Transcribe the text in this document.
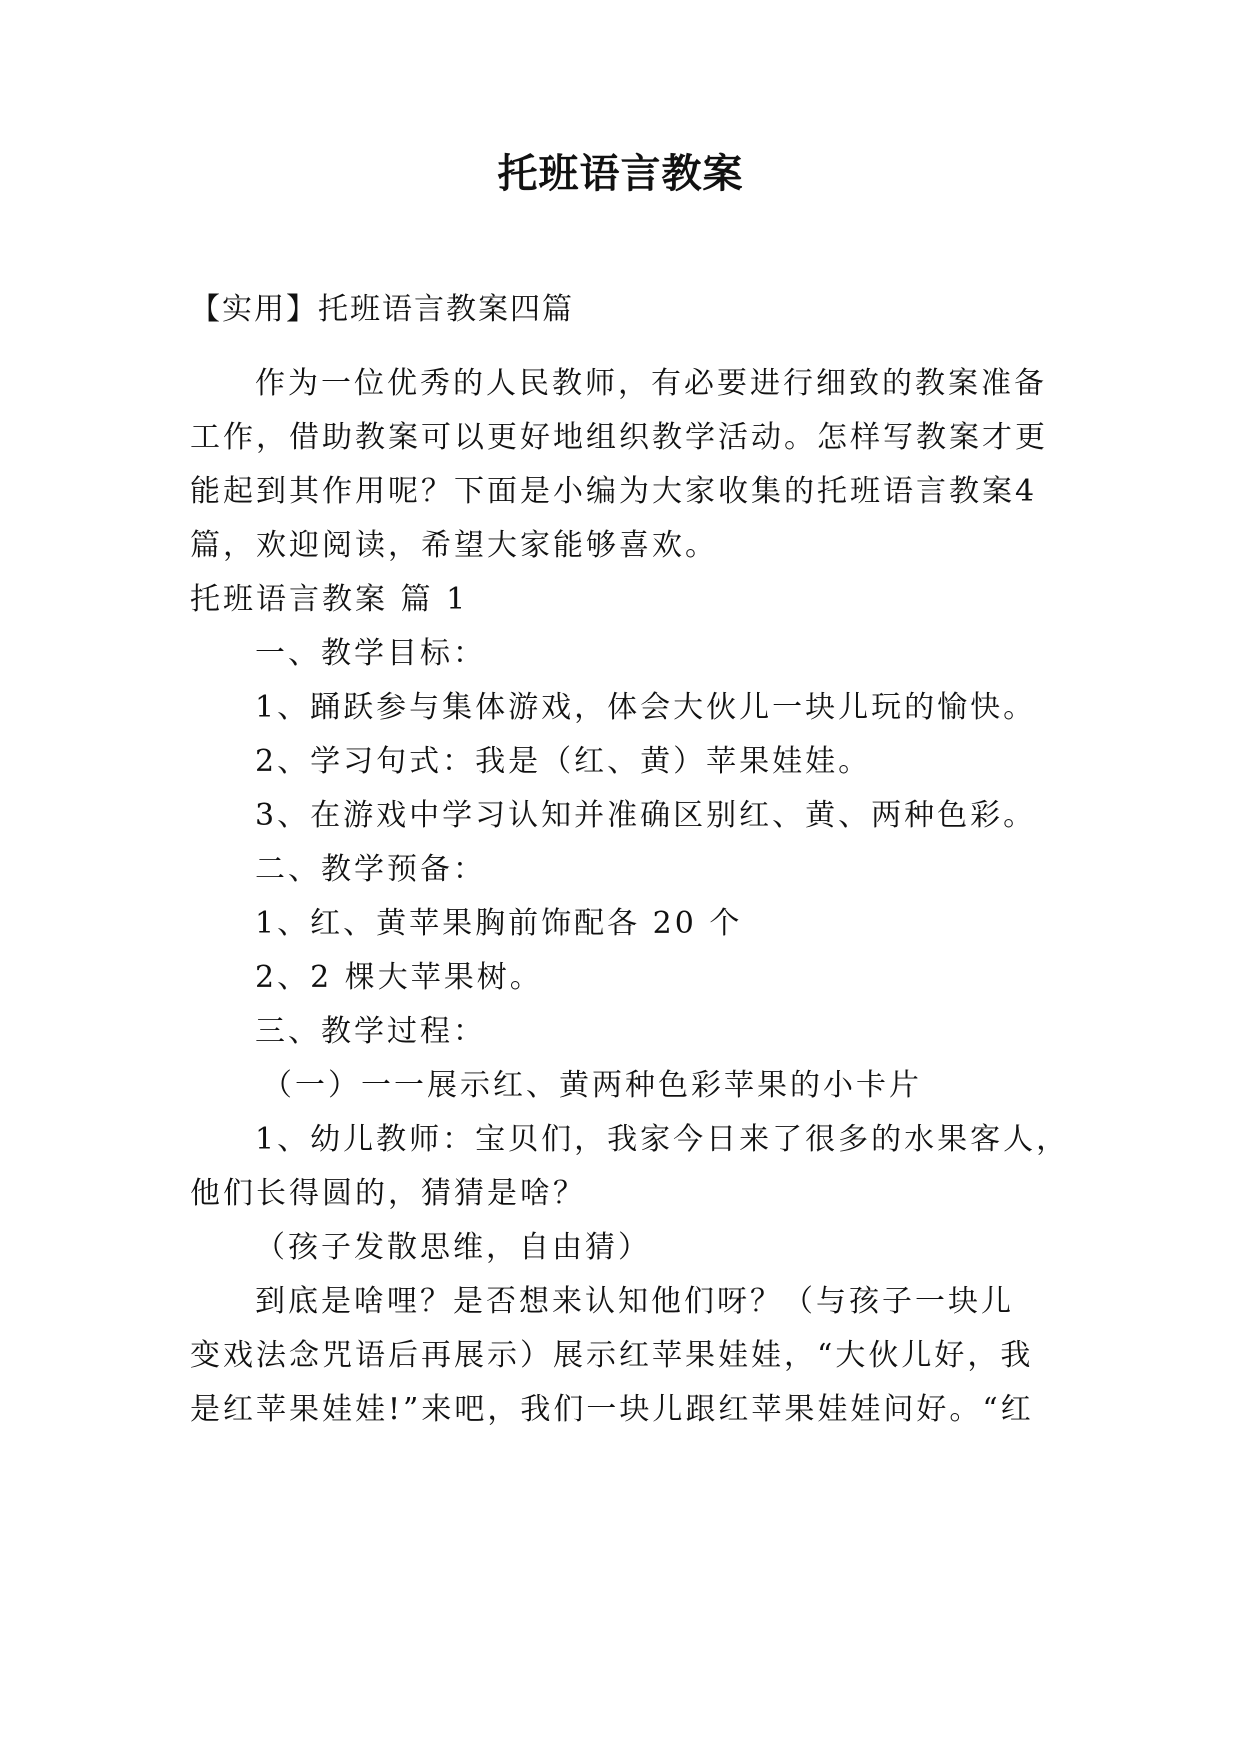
托班语言教案
【实用】托班语言教案四篇
作为一位优秀的人民教师，有必要进行细致的教案准备
工作，借助教案可以更好地组织教学活动。怎样写教案才更
能起到其作用呢？下面是小编为大家收集的托班语言教案4
篇，欢迎阅读，希望大家能够喜欢。
托班语言教案 篇 1
一、教学目标：
1、踊跃参与集体游戏，体会大伙儿一块儿玩的愉快。
2、学习句式：我是（红、黄）苹果娃娃。
3、在游戏中学习认知并准确区别红、黄、两种色彩。
二、教学预备：
1、红、黄苹果胸前饰配各 20 个
2、2 棵大苹果树。
三、教学过程：
（一）一一展示红、黄两种色彩苹果的小卡片
1、幼儿教师：宝贝们，我家今日来了很多的水果客人，
他们长得圆的，猜猜是啥？
（孩子发散思维，自由猜）
到底是啥哩？是否想来认知他们呀？（与孩子一块儿
变戏法念咒语后再展示）展示红苹果娃娃，“大伙儿好，我
是红苹果娃娃!”来吧，我们一块儿跟红苹果娃娃问好。“红
